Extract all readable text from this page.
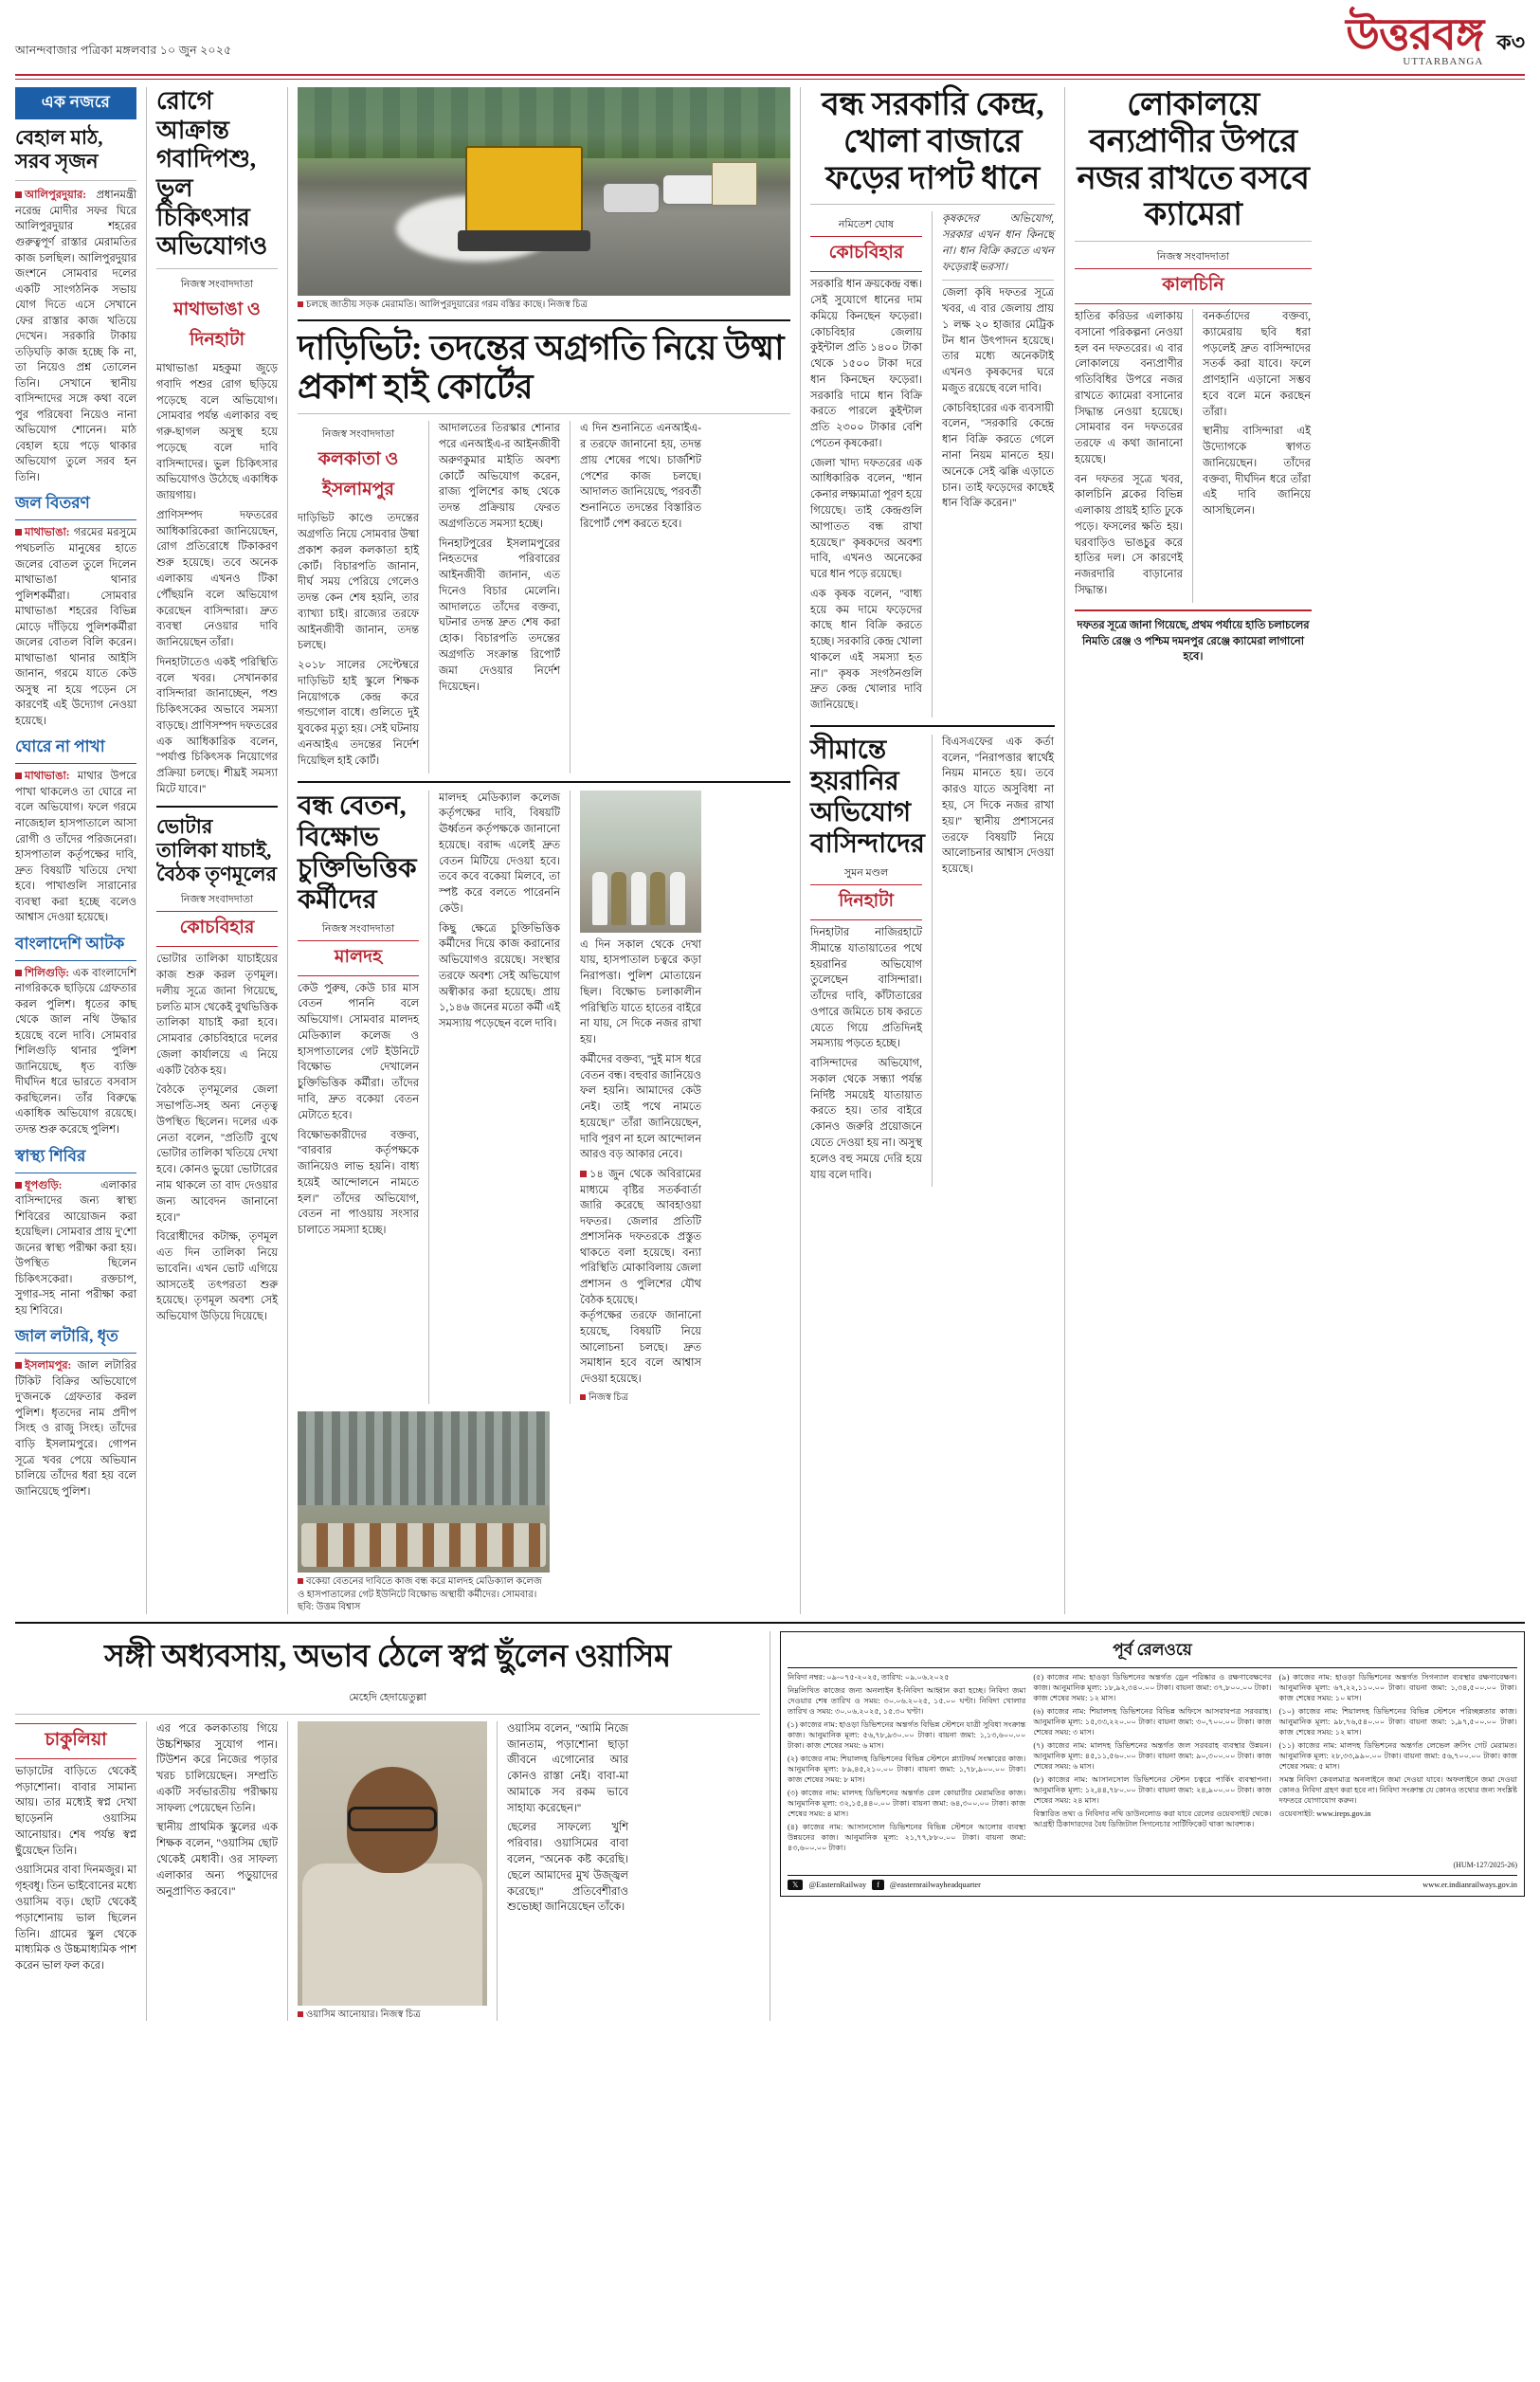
আনন্দবাজার পত্রিকা মঙ্গলবার ১০ জুন ২০২৫	উত্তরবঙ্গ
UTTARBANGA
ক৩
এক নজরে
বেহাল মাঠ, সরব সৃজন
আলিপুরদুয়ার: প্রধানমন্ত্রী নরেন্দ্র মোদীর সফর ঘিরে আলিপুরদুয়ার শহরের গুরুত্বপূর্ণ রাস্তার মেরামতির কাজ চলছিল। আলিপুরদুয়ার জংশনে সোমবার দলের একটি সাংগঠনিক সভায় যোগ দিতে এসে সেখানে ফের রাস্তার কাজ খতিয়ে দেখেন। সরকারি টাকায় তড়িঘড়ি কাজ হচ্ছে কি না, তা নিয়েও প্রশ্ন তোলেন তিনি। সেখানে স্থানীয় বাসিন্দাদের সঙ্গে কথা বলে পুর পরিষেবা নিয়েও নানা অভিযোগ শোনেন। মাঠ বেহাল হয়ে পড়ে থাকার অভিযোগ তুলে সরব হন তিনি।
জল বিতরণ
মাথাভাঙা: গরমের মরসুমে পথচলতি মানুষের হাতে জলের বোতল তুলে দিলেন মাথাভাঙা থানার পুলিশকর্মীরা। সোমবার মাথাভাঙা শহরের বিভিন্ন মোড়ে দাঁড়িয়ে পুলিশকর্মীরা জলের বোতল বিলি করেন। মাথাভাঙা থানার আইসি জানান, গরমে যাতে কেউ অসুস্থ না হয়ে পড়েন সে কারণেই এই উদ্যোগ নেওয়া হয়েছে।
ঘোরে না পাখা
মাথাভাঙা: মাথার উপরে পাখা থাকলেও তা ঘোরে না বলে অভিযোগ। ফলে গরমে নাজেহাল হাসপাতালে আসা রোগী ও তাঁদের পরিজনেরা। হাসপাতাল কর্তৃপক্ষের দাবি, দ্রুত বিষয়টি খতিয়ে দেখা হবে। পাখাগুলি সারানোর ব্যবস্থা করা হচ্ছে বলেও আশ্বাস দেওয়া হয়েছে।
বাংলাদেশি আটক
শিলিগুড়ি: এক বাংলাদেশি নাগরিককে ছাড়িয়ে গ্রেফতার করল পুলিশ। ধৃতের কাছ থেকে জাল নথি উদ্ধার হয়েছে বলে দাবি। সোমবার শিলিগুড়ি থানার পুলিশ জানিয়েছে, ধৃত ব্যক্তি দীর্ঘদিন ধরে ভারতে বসবাস করছিলেন। তাঁর বিরুদ্ধে একাধিক অভিযোগ রয়েছে। তদন্ত শুরু করেছে পুলিশ।
স্বাস্থ্য শিবির
ধূপগুড়ি:	এলাকার বাসিন্দাদের জন্য স্বাস্থ্য শিবিরের আয়োজন করা হয়েছিল। সোমবার প্রায় দু'শো জনের স্বাস্থ্য পরীক্ষা করা হয়। উপস্থিত ছিলেন চিকিৎসকেরা। রক্তচাপ, সুগার-সহ নানা পরীক্ষা করা হয় শিবিরে।
জাল লটারি, ধৃত
ইসলামপুর: জাল লটারির টিকিট বিক্রির অভিযোগে দু'জনকে গ্রেফতার করল পুলিশ। ধৃতদের নাম প্রদীপ সিংহ ও রাজু সিংহ। তাঁদের বাড়ি ইসলামপুরে। গোপন সূত্রে খবর পেয়ে অভিযান চালিয়ে তাঁদের ধরা হয় বলে জানিয়েছে পুলিশ।
রোগে আক্রান্ত গবাদিপশু, ভুল চিকিৎসার অভিযোগও
নিজস্ব সংবাদদাতা
মাথাভাঙা ও দিনহাটা

মাথাভাঙা মহকুমা জুড়ে গবাদি পশুর রোগ ছড়িয়ে পড়েছে বলে অভিযোগ। সোমবার পর্যন্ত এলাকার বহু গরু-ছাগল অসুস্থ হয়ে পড়েছে বলে দাবি বাসিন্দাদের। ভুল চিকিৎসার অভিযোগও উঠেছে একাধিক জায়গায়।

প্রাণিসম্পদ দফতরের আধিকারিকেরা জানিয়েছেন, রোগ প্রতিরোধে টিকাকরণ শুরু হয়েছে। তবে অনেক এলাকায় এখনও টিকা পৌঁছয়নি বলে অভিযোগ করেছেন বাসিন্দারা। দ্রুত ব্যবস্থা নেওয়ার দাবি জানিয়েছেন তাঁরা।

দিনহাটাতেও একই পরিস্থিতি বলে খবর। সেখানকার বাসিন্দারা জানাচ্ছেন, পশু চিকিৎসকের অভাবে সমস্যা বাড়ছে। প্রাণিসম্পদ দফতরের এক আধিকারিক বলেন, ''পর্যাপ্ত চিকিৎসক নিয়োগের প্রক্রিয়া চলছে। শীঘ্রই সমস্যা মিটে যাবে।''

ভোটার তালিকা যাচাই, বৈঠক তৃণমূলের
নিজস্ব সংবাদদাতা
কোচবিহার

ভোটার তালিকা যাচাইয়ের কাজ শুরু করল তৃণমূল। দলীয় সূত্রে জানা গিয়েছে, চলতি মাস থেকেই বুথভিত্তিক তালিকা যাচাই করা হবে। সোমবার কোচবিহারে দলের জেলা কার্যালয়ে এ নিয়ে একটি বৈঠক হয়।

বৈঠকে তৃণমূলের জেলা সভাপতি-সহ অন্য নেতৃত্ব উপস্থিত ছিলেন। দলের এক নেতা বলেন, ''প্রতিটি বুথে ভোটার তালিকা খতিয়ে দেখা হবে। কোনও ভুয়ো ভোটারের নাম থাকলে তা বাদ দেওয়ার জন্য আবেদন জানানো হবে।''

বিরোধীদের কটাক্ষ, তৃণমূল এত দিন তালিকা নিয়ে ভাবেনি। এখন ভোট এগিয়ে আসতেই তৎপরতা শুরু হয়েছে। তৃণমূল অবশ্য সেই অভিযোগ উড়িয়ে দিয়েছে।

চলছে জাতীয় সড়ক মেরামতি। আলিপুরদুয়ারের গরম বস্তির কাছে। নিজস্ব চিত্র
দাড়িভিট: তদন্তের অগ্রগতি নিয়ে উষ্মা প্রকাশ হাই কোর্টের
নিজস্ব সংবাদদাতা
কলকাতা ও ইসলামপুর

দাড়িভিট কাণ্ডে তদন্তের অগ্রগতি নিয়ে সোমবার উষ্মা প্রকাশ করল কলকাতা হাই কোর্ট। বিচারপতি জানান, দীর্ঘ সময় পেরিয়ে গেলেও তদন্ত কেন শেষ হয়নি, তার ব্যাখ্যা চাই। রাজ্যের তরফে আইনজীবী জানান, তদন্ত চলছে।

২০১৮ সালের সেপ্টেম্বরে দাড়িভিট হাই স্কুলে শিক্ষক নিয়োগকে কেন্দ্র করে গন্ডগোল বাধে। গুলিতে দুই যুবকের মৃত্যু হয়। সেই ঘটনায় এনআইএ তদন্তের নির্দেশ দিয়েছিল হাই কোর্ট।

আদালতের তিরস্কার শোনার পরে এনআইএ-র আইনজীবী অরুণকুমার মাইতি অবশ্য কোর্টে অভিযোগ করেন, রাজ্য পুলিশের কাছ থেকে তদন্ত প্রক্রিয়ায় ফেরত অগ্রগতিতে সমস্যা হচ্ছে।

দিনহাটপুরের ইসলামপুরের নিহতদের পরিবারের আইনজীবী জানান, এত দিনেও বিচার মেলেনি। আদালতে তাঁদের বক্তব্য, ঘটনার তদন্ত দ্রুত শেষ করা হোক। বিচারপতি তদন্তের অগ্রগতি সংক্রান্ত রিপোর্ট জমা দেওয়ার নির্দেশ দিয়েছেন।

এ দিন শুনানিতে এনআইএ-র তরফে জানানো হয়, তদন্ত প্রায় শেষের পথে। চার্জশিট পেশের কাজ চলছে। আদালত জানিয়েছে, পরবর্তী শুনানিতে তদন্তের বিস্তারিত রিপোর্ট পেশ করতে হবে।

বন্ধ বেতন, বিক্ষোভ চুক্তিভিত্তিক কর্মীদের
নিজস্ব সংবাদদাতা
মালদহ

কেউ পুরুষ, কেউ চার মাস বেতন পাননি বলে অভিযোগ। সোমবার মালদহ মেডিক্যাল কলেজ ও হাসপাতালের গেট ইউনিটে বিক্ষোভ দেখালেন চুক্তিভিত্তিক কর্মীরা। তাঁদের দাবি, দ্রুত বকেয়া বেতন মেটাতে হবে।

বিক্ষোভকারীদের বক্তব্য, ''বারবার কর্তৃপক্ষকে জানিয়েও লাভ হয়নি। বাধ্য হয়েই আন্দোলনে নামতে হল।'' তাঁদের অভিযোগ, বেতন না পাওয়ায় সংসার চালাতে সমস্যা হচ্ছে।

মালদহ মেডিক্যাল কলেজ কর্তৃপক্ষের দাবি, বিষয়টি ঊর্ধ্বতন কর্তৃপক্ষকে জানানো হয়েছে। বরাদ্দ এলেই দ্রুত বেতন মিটিয়ে দেওয়া হবে। তবে কবে বকেয়া মিলবে, তা স্পষ্ট করে বলতে পারেননি কেউ।

কিছু ক্ষেত্রে চুক্তিভিত্তিক কর্মীদের দিয়ে কাজ করানোর অভিযোগও রয়েছে। সংস্থার তরফে অবশ্য সেই অভিযোগ অস্বীকার করা হয়েছে। প্রায় ১,১৪৬ জনের মতো কর্মী এই সমস্যায় পড়েছেন বলে দাবি।

এ দিন সকাল থেকে দেখা যায়, হাসপাতাল চত্বরে কড়া নিরাপত্তা। পুলিশ মোতায়েন ছিল। বিক্ষোভ চলাকালীন পরিস্থিতি যাতে হাতের বাইরে না যায়, সে দিকে নজর রাখা হয়।

কর্মীদের বক্তব্য, ''দুই মাস ধরে বেতন বন্ধ। বহুবার জানিয়েও ফল হয়নি। আমাদের কেউ নেই। তাই পথে নামতে হয়েছে।'' তাঁরা জানিয়েছেন, দাবি পূরণ না হলে আন্দোলন আরও বড় আকার নেবে।

১৪ জুন থেকে অবিরামের মাধ্যমে বৃষ্টির সতর্কবার্তা জারি করেছে আবহাওয়া দফতর। জেলার প্রতিটি প্রশাসনিক দফতরকে প্রস্তুত থাকতে বলা হয়েছে। বন্যা পরিস্থিতি মোকাবিলায় জেলা প্রশাসন ও পুলিশের যৌথ বৈঠক হয়েছে।

কর্তৃপক্ষের তরফে জানানো হয়েছে, বিষয়টি নিয়ে আলোচনা চলছে। দ্রুত সমাধান হবে বলে আশ্বাস দেওয়া হয়েছে।

নিজস্ব চিত্র
বকেয়া বেতনের দাবিতে কাজ বন্ধ করে মালদহ মেডিক্যাল কলেজ ও হাসপাতালের গেট ইউনিটে বিক্ষোভ অস্থায়ী কর্মীদের। সোমবার। ছবি: উত্তম বিশ্বাস
বন্ধ সরকারি কেন্দ্র, খোলা বাজারে ফড়ের দাপট ধানে
নমিতেশ ঘোষ
কোচবিহার

সরকারি ধান ক্রয়কেন্দ্র বন্ধ। সেই সুযোগে ধানের দাম কমিয়ে কিনছেন ফড়েরা। কোচবিহার জেলায় কুইন্টাল প্রতি ১৪০০ টাকা থেকে ১৫০০ টাকা দরে ধান কিনছেন ফড়েরা। সরকারি দামে ধান বিক্রি করতে পারলে কুইন্টাল প্রতি ২৩০০ টাকার বেশি পেতেন কৃষকেরা।

জেলা খাদ্য দফতরের এক আধিকারিক বলেন, ''ধান কেনার লক্ষ্যমাত্রা পূরণ হয়ে গিয়েছে। তাই কেন্দ্রগুলি আপাতত বন্ধ রাখা হয়েছে।'' কৃষকদের অবশ্য দাবি, এখনও অনেকের ঘরে ধান পড়ে রয়েছে।

এক কৃষক বলেন, ''বাধ্য হয়ে কম দামে ফড়েদের কাছে ধান বিক্রি করতে হচ্ছে। সরকারি কেন্দ্র খোলা থাকলে এই সমস্যা হত না।'' কৃষক সংগঠনগুলি দ্রুত কেন্দ্র খোলার দাবি জানিয়েছে।

কৃষকদের অভিযোগ, সরকার এখন ধান কিনছে না। ধান বিক্রি করতে এখন ফড়েরাই ভরসা।

জেলা কৃষি দফতর সূত্রে খবর, এ বার জেলায় প্রায় ১ লক্ষ ২০ হাজার মেট্রিক টন ধান উৎপাদন হয়েছে। তার মধ্যে অনেকটাই এখনও কৃষকদের ঘরে মজুত রয়েছে বলে দাবি।

কোচবিহারের এক ব্যবসায়ী বলেন, ''সরকারি কেন্দ্রে ধান বিক্রি করতে গেলে নানা নিয়ম মানতে হয়। অনেকে সেই ঝক্কি এড়াতে চান। তাই ফড়েদের কাছেই ধান বিক্রি করেন।''

সীমান্তে হয়রানির অভিযোগ বাসিন্দাদের
সুমন মণ্ডল
দিনহাটা

দিনহাটার নাজিরহাটে সীমান্তে যাতায়াতের পথে হয়রানির অভিযোগ তুলেছেন বাসিন্দারা। তাঁদের দাবি, কাঁটাতারের ওপারে জমিতে চাষ করতে যেতে গিয়ে প্রতিদিনই সমস্যায় পড়তে হচ্ছে।

বাসিন্দাদের অভিযোগ, সকাল থেকে সন্ধ্যা পর্যন্ত নির্দিষ্ট সময়েই যাতায়াত করতে হয়। তার বাইরে কোনও জরুরি প্রয়োজনে যেতে দেওয়া হয় না। অসুস্থ হলেও বহু সময়ে দেরি হয়ে যায় বলে দাবি।

বিএসএফের এক কর্তা বলেন, ''নিরাপত্তার স্বার্থেই নিয়ম মানতে হয়। তবে কারও যাতে অসুবিধা না হয়, সে দিকে নজর রাখা হয়।'' স্থানীয় প্রশাসনের তরফে বিষয়টি নিয়ে আলোচনার আশ্বাস দেওয়া হয়েছে।

লোকালয়ে বন্যপ্রাণীর উপরে নজর রাখতে বসবে ক্যামেরা
নিজস্ব সংবাদদাতা
কালচিনি

হাতির করিডর এলাকায় বসানো পরিকল্পনা নেওয়া হল বন দফতরের। এ বার লোকালয়ে বন্যপ্রাণীর গতিবিধির উপরে নজর রাখতে ক্যামেরা বসানোর সিদ্ধান্ত নেওয়া হয়েছে। সোমবার বন দফতরের তরফে এ কথা জানানো হয়েছে।

বন দফতর সূত্রে খবর, কালচিনি ব্লকের বিভিন্ন এলাকায় প্রায়ই হাতি ঢুকে পড়ে। ফসলের ক্ষতি হয়। ঘরবাড়িও ভাঙচুর করে হাতির দল। সে কারণেই নজরদারি বাড়ানোর সিদ্ধান্ত।

বনকর্তাদের বক্তব্য, ক্যামেরায় ছবি ধরা পড়লেই দ্রুত বাসিন্দাদের সতর্ক করা যাবে। ফলে প্রাণহানি এড়ানো সম্ভব হবে বলে মনে করছেন তাঁরা।

স্থানীয় বাসিন্দারা এই উদ্যোগকে স্বাগত জানিয়েছেন। তাঁদের বক্তব্য, দীর্ঘদিন ধরে তাঁরা এই দাবি জানিয়ে আসছিলেন।

দফতর সূত্রে জানা গিয়েছে, প্রথম পর্যায়ে হাতি চলাচলের নিমতি রেঞ্জ ও পশ্চিম দমনপুর রেঞ্জে ক্যামেরা লাগানো হবে।
সঙ্গী অধ্যবসায়, অভাব ঠেলে স্বপ্ন ছুঁলেন ওয়াসিম
মেহেদি হেদায়েতুল্লা
চাকুলিয়া

ভাড়াটের বাড়িতে থেকেই পড়াশোনা। বাবার সামান্য আয়। তার মধ্যেই স্বপ্ন দেখা ছাড়েননি ওয়াসিম আনোয়ার। শেষ পর্যন্ত স্বপ্ন ছুঁয়েছেন তিনি।

ওয়াসিমের বাবা দিনমজুর। মা গৃহবধূ। তিন ভাইবোনের মধ্যে ওয়াসিম বড়। ছোট থেকেই পড়াশোনায় ভাল ছিলেন তিনি। গ্রামের স্কুল থেকে মাধ্যমিক ও উচ্চমাধ্যমিক পাশ করেন ভাল ফল করে।

এর পরে কলকাতায় গিয়ে উচ্চশিক্ষার সুযোগ পান। টিউশন করে নিজের পড়ার খরচ চালিয়েছেন। সম্প্রতি একটি সর্বভারতীয় পরীক্ষায় সাফল্য পেয়েছেন তিনি।

স্থানীয় প্রাথমিক স্কুলের এক শিক্ষক বলেন, ''ওয়াসিম ছোট থেকেই মেধাবী। ওর সাফল্য এলাকার অন্য পড়ুয়াদের অনুপ্রাণিত করবে।''

ওয়াসিম আনোয়ার। নিজস্ব চিত্র

ওয়াসিম বলেন, ''আমি নিজে জানতাম, পড়াশোনা ছাড়া জীবনে এগোনোর আর কোনও রাস্তা নেই। বাবা-মা আমাকে সব রকম ভাবে সাহায্য করেছেন।''

ছেলের সাফল্যে খুশি পরিবার। ওয়াসিমের বাবা বলেন, ''অনেক কষ্ট করেছি। ছেলে আমাদের মুখ উজ্জ্বল করেছে।'' প্রতিবেশীরাও শুভেচ্ছা জানিয়েছেন তাঁকে।

পূর্ব রেলওয়ে

নিবিদা নম্বর: ০৯-০৭৫-২০২৫, তারিখ: ০৯.০৬.২০২৫

নিম্নলিখিত কাজের জন্য অনলাইন ই-নিবিদা আহ্বান করা হচ্ছে। নিবিদা জমা দেওয়ার শেষ তারিখ ও সময়: ৩০.০৬.২০২৫, ১৫.০০ ঘণ্টা। নিবিদা খোলার তারিখ ও সময়: ৩০.০৬.২০২৫, ১৫.৩০ ঘণ্টা।

(১) কাজের নাম: হাওড়া ডিভিশনের অন্তর্গত বিভিন্ন স্টেশনে যাত্রী সুবিধা সংক্রান্ত কাজ। আনুমানিক মূল্য: ৫৬,৭৮,৯৩০.০০ টাকা। বায়না জমা: ১,১৩,৬০০.০০ টাকা। কাজ শেষের সময়: ৬ মাস।

(২) কাজের নাম: শিয়ালদহ ডিভিশনের বিভিন্ন স্টেশনে প্ল্যাটফর্ম সংস্কারের কাজ। আনুমানিক মূল্য: ৮৯,৪৫,২১০.০০ টাকা। বায়না জমা: ১,৭৮,৯০০.০০ টাকা। কাজ শেষের সময়: ৮ মাস।

(৩) কাজের নাম: মালদহ ডিভিশনের অন্তর্গত রেল কোয়ার্টার মেরামতির কাজ। আনুমানিক মূল্য: ৩২,১৫,৪৪০.০০ টাকা। বায়না জমা: ৬৪,৩০০.০০ টাকা। কাজ শেষের সময়: ৪ মাস।

(৪) কাজের নাম: আসানসোল ডিভিশনের বিভিন্ন স্টেশনে আলোর ব্যবস্থা উন্নয়নের কাজ। আনুমানিক মূল্য: ২১,৭৭,৮৮০.০০ টাকা। বায়না জমা: ৪৩,৬০০.০০ টাকা।

(৫) কাজের নাম: হাওড়া ডিভিশনের অন্তর্গত ড্রেন পরিষ্কার ও রক্ষণাবেক্ষণের কাজ। আনুমানিক মূল্য: ১৮,৯২,৩৪০.০০ টাকা। বায়না জমা: ৩৭,৮০০.০০ টাকা। কাজ শেষের সময়: ১২ মাস।

(৬) কাজের নাম: শিয়ালদহ ডিভিশনের বিভিন্ন অফিসে আসবাবপত্র সরবরাহ। আনুমানিক মূল্য: ১৫,৩৩,২২০.০০ টাকা। বায়না জমা: ৩০,৭০০.০০ টাকা। কাজ শেষের সময়: ৩ মাস।

(৭) কাজের নাম: মালদহ ডিভিশনের অন্তর্গত জল সরবরাহ ব্যবস্থার উন্নয়ন। আনুমানিক মূল্য: ৪৫,১১,৫৬০.০০ টাকা। বায়না জমা: ৯০,৩০০.০০ টাকা। কাজ শেষের সময়: ৬ মাস।

(৮) কাজের নাম: আসানসোল ডিভিশনের স্টেশন চত্বরে পার্কিং ব্যবস্থাপনা। আনুমানিক মূল্য: ১২,৪৪,৭৮০.০০ টাকা। বায়না জমা: ২৪,৯০০.০০ টাকা। কাজ শেষের সময়: ২৪ মাস।

বিস্তারিত তথ্য ও নিবিদার নথি ডাউনলোড করা যাবে রেলের ওয়েবসাইট থেকে। আগ্রহী ঠিকাদারদের বৈধ ডিজিটাল সিগনেচার সার্টিফিকেট থাকা আবশ্যক।

(৯) কাজের নাম: হাওড়া ডিভিশনের অন্তর্গত সিগন্যাল ব্যবস্থার রক্ষণাবেক্ষণ। আনুমানিক মূল্য: ৬৭,২২,১১০.০০ টাকা। বায়না জমা: ১,৩৪,৫০০.০০ টাকা। কাজ শেষের সময়: ১০ মাস।

(১০) কাজের নাম: শিয়ালদহ ডিভিশনের বিভিন্ন স্টেশনে পরিচ্ছন্নতার কাজ। আনুমানিক মূল্য: ৯৮,৭৬,৫৪০.০০ টাকা। বায়না জমা: ১,৯৭,৫০০.০০ টাকা। কাজ শেষের সময়: ১২ মাস।

(১১) কাজের নাম: মালদহ ডিভিশনের অন্তর্গত লেভেল ক্রসিং গেট মেরামত। আনুমানিক মূল্য: ২৮,৩৩,৯৯০.০০ টাকা। বায়না জমা: ৫৬,৭০০.০০ টাকা। কাজ শেষের সময়: ৫ মাস।

সমস্ত নিবিদা কেবলমাত্র অনলাইনে জমা দেওয়া যাবে। অফলাইনে জমা দেওয়া কোনও নিবিদা গ্রহণ করা হবে না। নিবিদা সংক্রান্ত যে কোনও তথ্যের জন্য সংশ্লিষ্ট দফতরে যোগাযোগ করুন।

ওয়েবসাইট: www.ireps.gov.in

(HUM-127/2025-26)
𝕏	@EasternRailway	f	@easternrailwayheadquarter	www.er.indianrailways.gov.in
